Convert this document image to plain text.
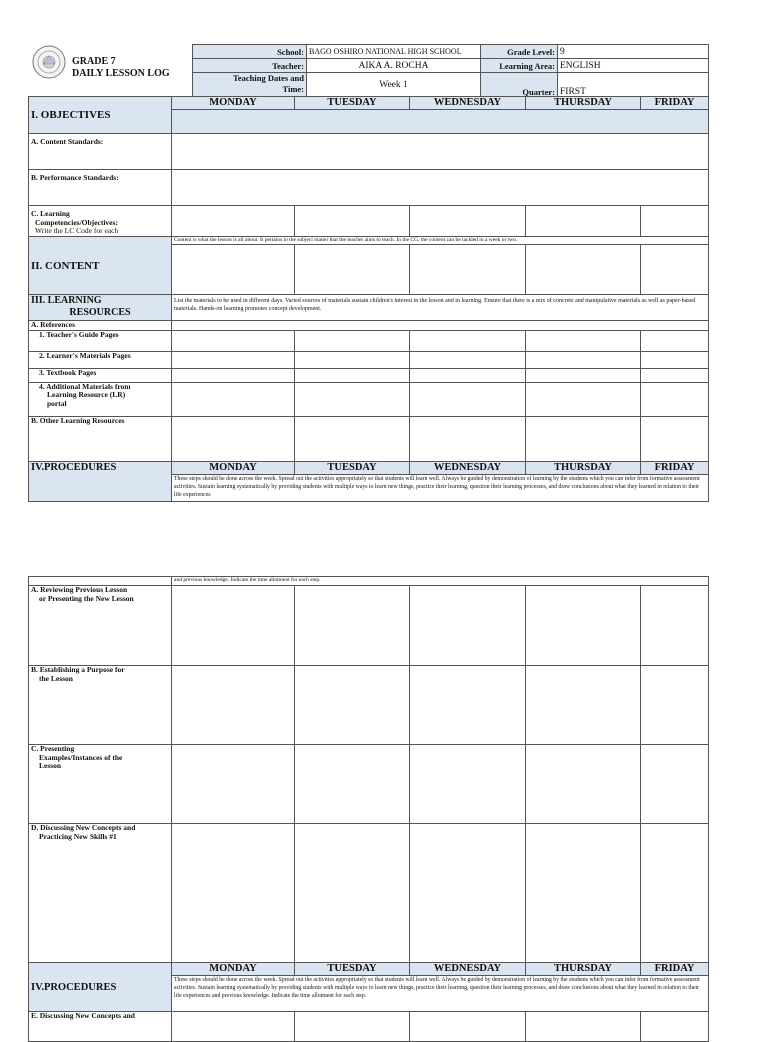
GRADE 7
DAILY LESSON LOG
School:	BAGO OSHIRO NATIONAL HIGH SCHOOL	Grade Level:	9
Teacher:	AIKA A. ROCHA	Learning Area:	ENGLISH

Teaching Dates and
Time:	Week 1	Quarter:	FIRST
I. OBJECTIVES	MONDAY	TUESDAY	WEDNESDAY	THURSDAY	FRIDAY

A. Content Standards:					
B. Performance Standards:					

C. Learning
Competencies/Objectives:
Write the LC Code for each					

II. CONTENT	Content is what the lesson is all about. It pertains to the subject matter that the teacher aims to teach. In the CG, the content can be tackled in a week or two.				

III. LEARNING
RESOURCES	List the materials to be used in different days. Varied sources of materials sustain children's interest in the lesson and in learning. Ensure that there is a mix of concrete and manipulative materials as well as paper-based materials. Hands-on learning promotes concept development.				
A. References					
1. Teacher's Guide Pages					
2. Learner's Materials Pages					
3. Textbook Pages					

4. Additional Materials from
Learning Resource (LR)
portal					

B. Other Learning Resources					
IV.PROCEDURES	MONDAY	TUESDAY	WEDNESDAY	THURSDAY	FRIDAY
	These steps should be done across the week. Spread out the activities appropriately so that students will learn well. Always be guided by demonstration of learning by the students which you can infer from formative assessment activities. Sustain learning systematically by providing students with multiple ways to learn new things, practice their learning, question their learning processes, and draw conclusions about what they learned in relation to their life experiences				
	and previous knowledge. Indicate the time allotment for each step.				

A. Reviewing Previous Lesson
or Presenting the New Lesson					

B. Establishing a Purpose for
the Lesson					

C. Presenting
Examples/Instances of the
Lesson					

D. Discussing New Concepts and
Practicing New Skills #1					

IV.PROCEDURES	MONDAY	TUESDAY	WEDNESDAY	THURSDAY	FRIDAY
	These steps should be done across the week. Spread out the activities appropriately so that students will learn well. Always be guided by demonstration of learning by the students which you can infer from formative assessment activities. Sustain learning systematically by providing students with multiple ways to learn new things, practice their learning, question their learning processes, and draw conclusions about what they learned in relation to their life experiences and previous knowledge. Indicate the time allotment for each step.				
E. Discussing New Concepts and					
